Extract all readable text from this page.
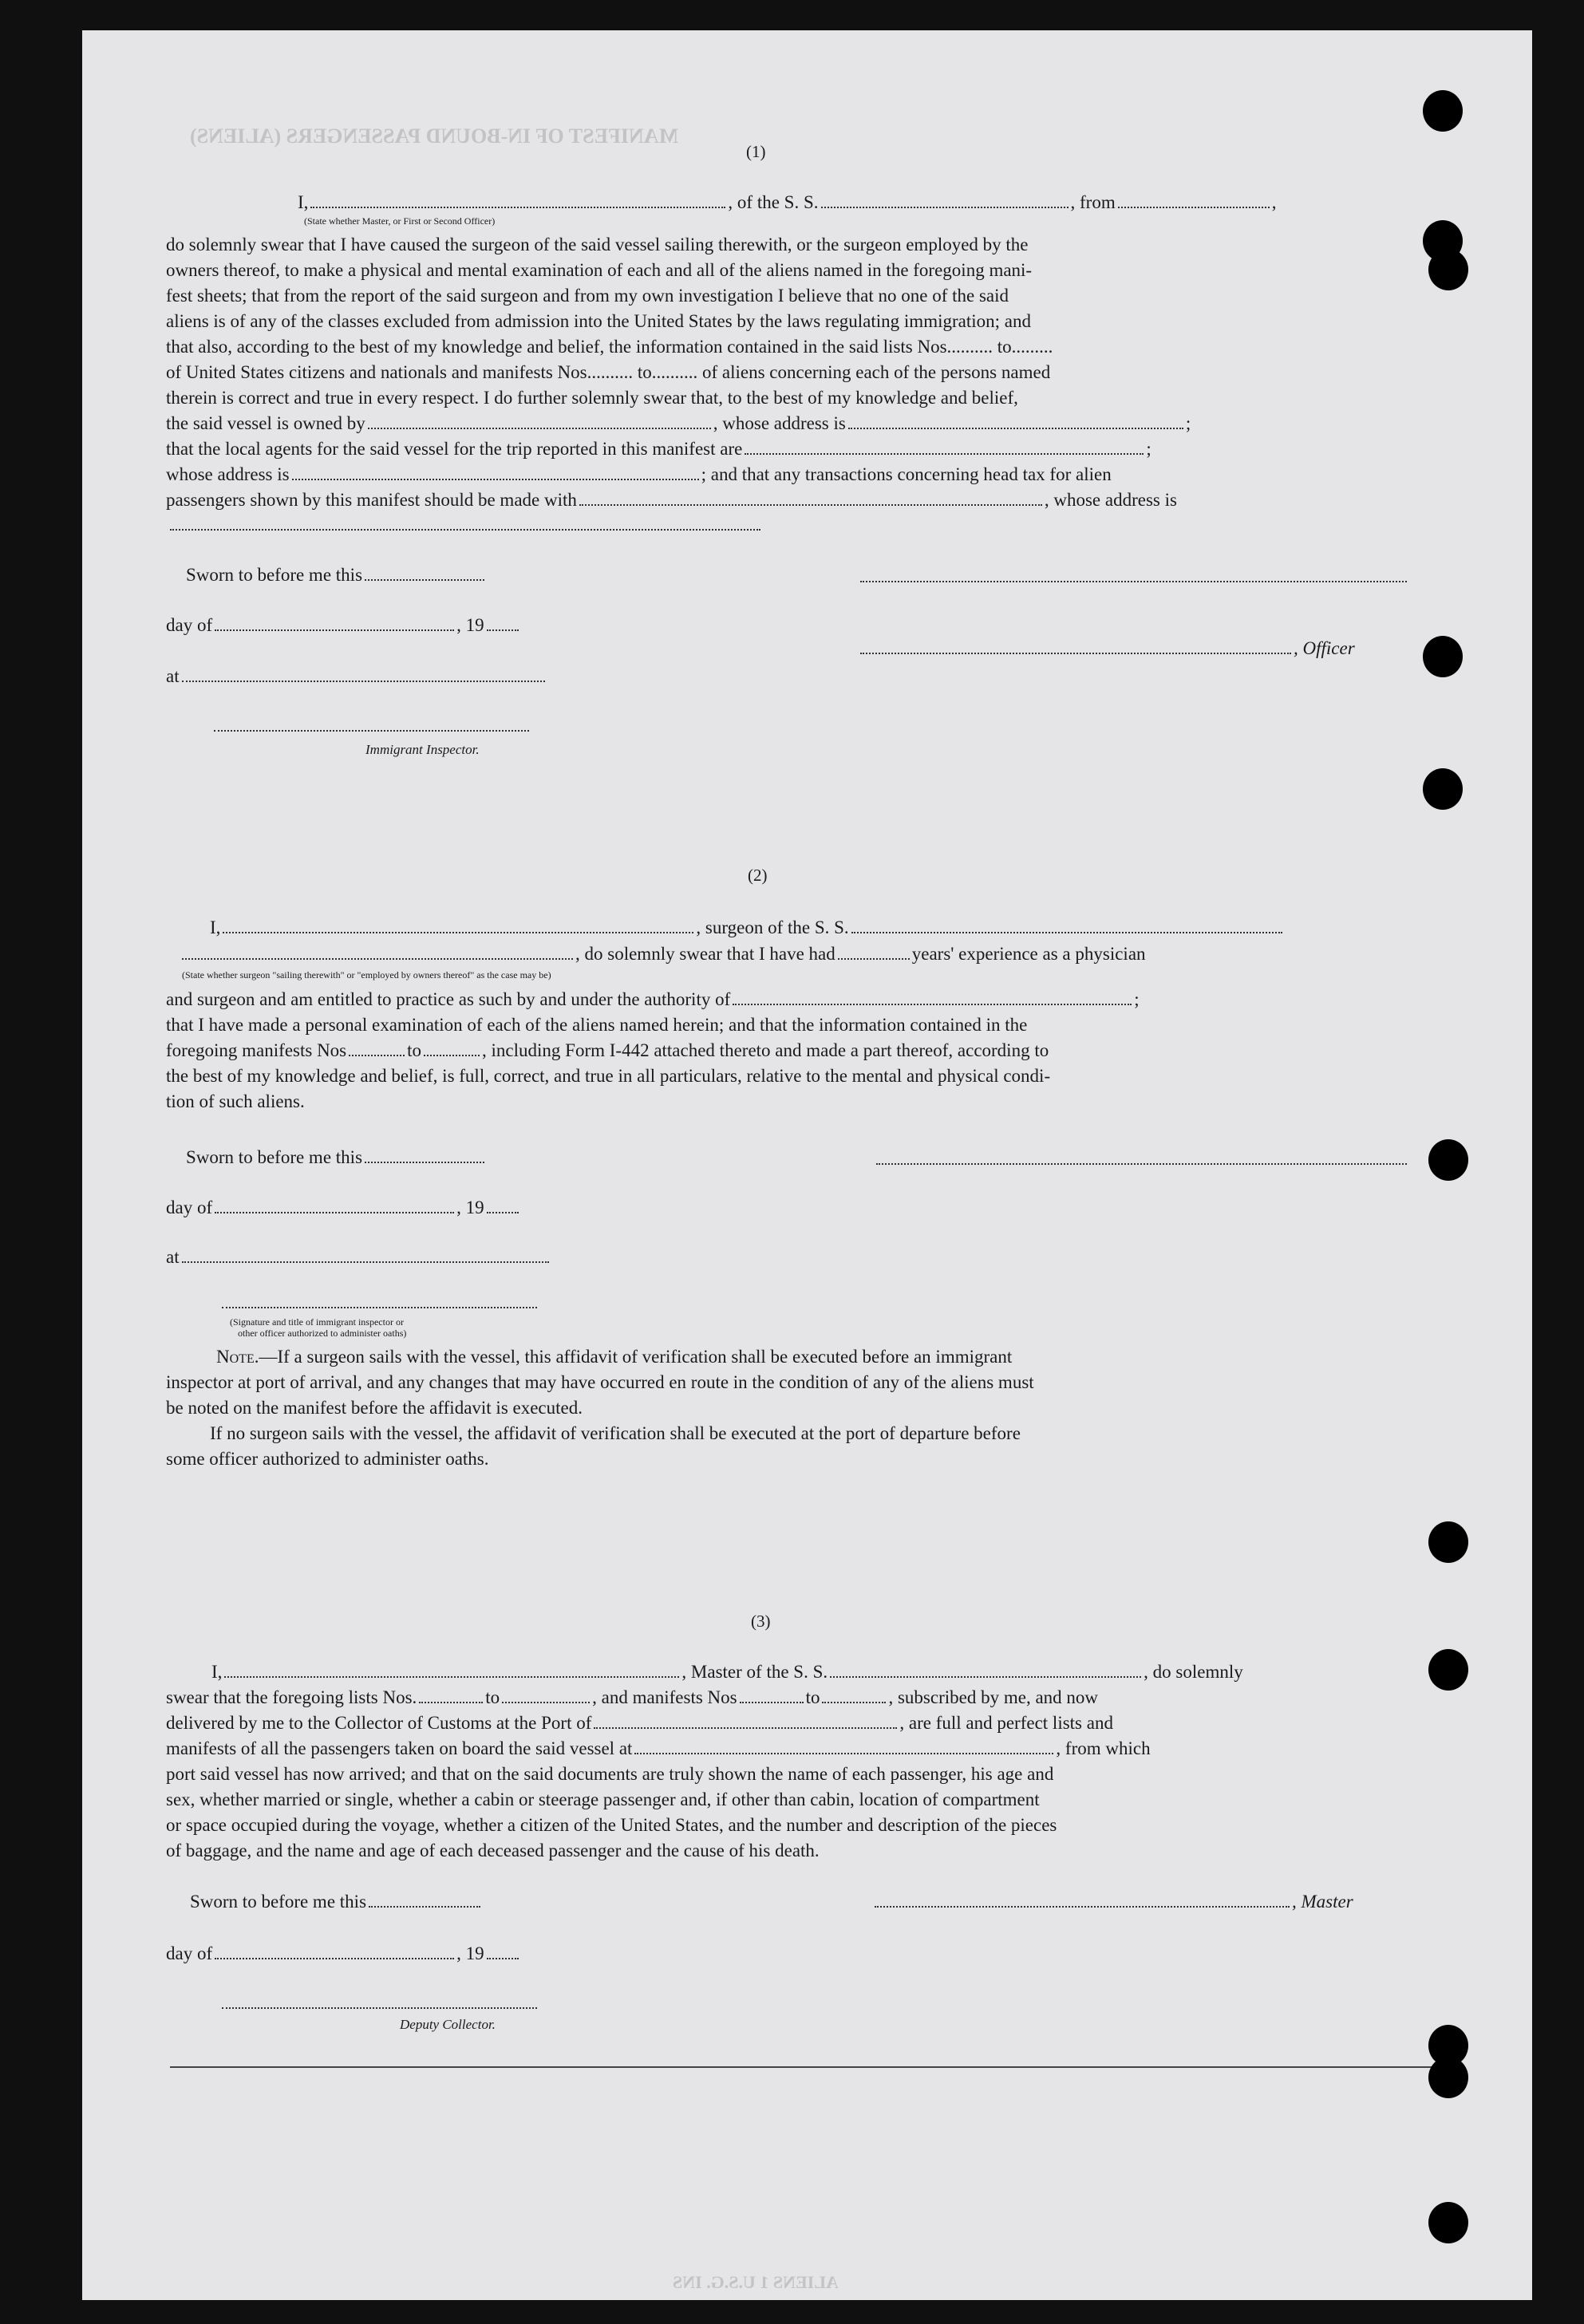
MANIFEST OF IN-BOUND PASSENGERS (ALIENS)
ALIENS 1 U.S.G. INS
(1)
I,	, of the S. S.	, from	,
(State whether Master, or First or Second Officer)
do solemnly swear that I have caused the surgeon of the said vessel sailing therewith, or the surgeon employed by the
owners thereof, to make a physical and mental examination of each and all of the aliens named in the foregoing mani-
fest sheets; that from the report of the said surgeon and from my own investigation I believe that no one of the said
aliens is of any of the classes excluded from admission into the United States by the laws regulating immigration; and
that also, according to the best of my knowledge and belief, the information contained in the said lists Nos.......... to.........
of United States citizens and nationals and manifests Nos.......... to.......... of aliens concerning each of the persons named
therein is correct and true in every respect. I do further solemnly swear that, to the best of my knowledge and belief,
the said vessel is owned by	, whose address is	;
that the local agents for the said vessel for the trip reported in this manifest are	;
whose address is	; and that any transactions concerning head tax for alien
passengers shown by this manifest should be made with	, whose address is
Sworn to before me this
day of	, 19
, Officer
at
Immigrant Inspector.
(2)
I,	, surgeon of the S. S.
, do solemnly swear that I have had	years' experience as a physician
(State whether surgeon "sailing therewith" or "employed by owners thereof" as the case may be)
and surgeon and am entitled to practice as such by and under the authority of	;
that I have made a personal examination of each of the aliens named herein; and that the information contained in the
foregoing manifests Nos	to	, including Form I-442 attached thereto and made a part thereof, according to
the best of my knowledge and belief, is full, correct, and true in all particulars, relative to the mental and physical condi-
tion of such aliens.
Sworn to before me this
day of	, 19
at
(Signature and title of immigrant inspector or
other officer authorized to administer oaths)
Note.—If a surgeon sails with the vessel, this affidavit of verification shall be executed before an immigrant
inspector at port of arrival, and any changes that may have occurred en route in the condition of any of the aliens must
be noted on the manifest before the affidavit is executed.
If no surgeon sails with the vessel, the affidavit of verification shall be executed at the port of departure before
some officer authorized to administer oaths.
(3)
I,	, Master of the S. S.	, do solemnly
swear that the foregoing lists Nos.	to	, and manifests Nos	to	, subscribed by me, and now
delivered by me to the Collector of Customs at the Port of	, are full and perfect lists and
manifests of all the passengers taken on board the said vessel at	, from which
port said vessel has now arrived; and that on the said documents are truly shown the name of each passenger, his age and
sex, whether married or single, whether a cabin or steerage passenger and, if other than cabin, location of compartment
or space occupied during the voyage, whether a citizen of the United States, and the number and description of the pieces
of baggage, and the name and age of each deceased passenger and the cause of his death.
Sworn to before me this	, Master
day of	, 19
Deputy Collector.
